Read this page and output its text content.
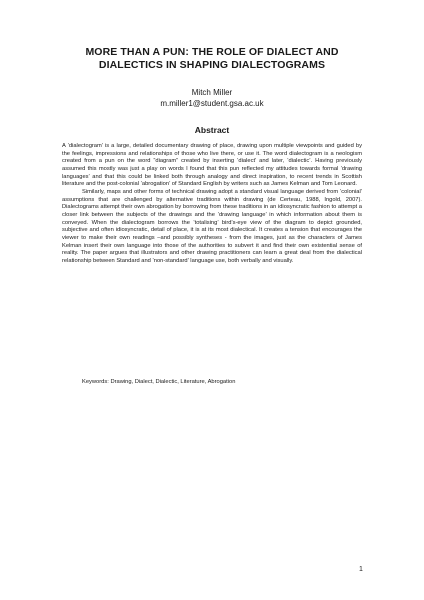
MORE THAN A PUN: THE ROLE OF DIALECT AND
DIALECTICS IN SHAPING DIALECTOGRAMS
Mitch Miller
m.miller1@student.gsa.ac.uk
Abstract

A ‘dialectogram’ is a large, detailed documentary drawing of place, drawing upon multiple viewpoints and guided by the feelings, impressions and relationships of those who live there, or use it. The word dialectogram is a neologism created from a pun on the word “diagram” created by inserting ‘dialect’ and later, ‘dialectic’. Having previously assumed this mostly was just a play on words I found that this pun reflected my attitudes towards formal ‘drawing languages’ and that this could be linked both through analogy and direct inspiration, to recent trends in Scottish literature and the post-colonial ‘abrogation’ of Standard English by writers such as James Kelman and Tom Leonard.

Similarly, maps and other forms of technical drawing adopt a standard visual language derived from ‘colonial’ assumptions that are challenged by alternative traditions within drawing (de Certeau, 1988, Ingold, 2007). Dialectograms attempt their own abrogation by borrowing from these traditions in an idiosyncratic fashion to attempt a closer link between the subjects of the drawings and the ‘drawing language’ in which information about them is conveyed. When the dialectogram borrows the ‘totalising’ bird’s-eye view of the diagram to depict grounded, subjective and often idiosyncratic, detail of place, it is at its most dialectical. It creates a tension that encourages the viewer to make their own readings –and possibly syntheses - from the images, just as the characters of James Kelman insert their own language into those of the authorities to subvert it and find their own existential sense of reality. The paper argues that illustrators and other drawing practitioners can learn a great deal from the dialectical relationship between Standard and ‘non-standard’ language use, both verbally and visually.

Keywords: Drawing, Dialect, Dialectic, Literature, Abrogation
1
